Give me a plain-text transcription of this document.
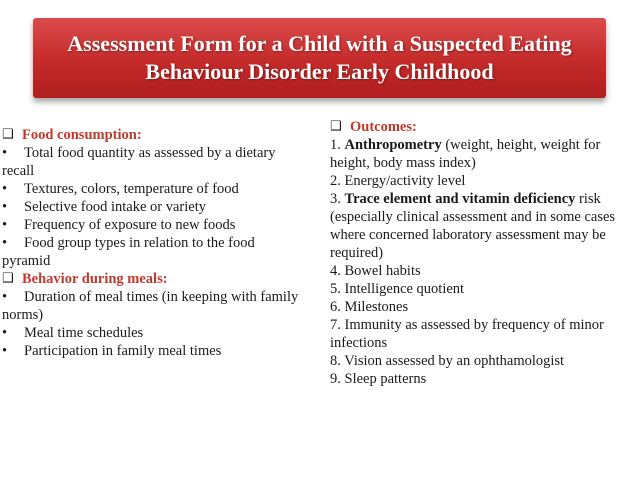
Assessment Form for a Child with a Suspected Eating Behaviour Disorder Early Childhood
❑ Food consumption:
• Total food quantity as assessed by a dietary recall
• Textures, colors, temperature of food
• Selective food intake or variety
• Frequency of exposure to new foods
• Food group types in relation to the food pyramid
❑ Behavior during meals:
• Duration of meal times (in keeping with family norms)
• Meal time schedules
• Participation in family meal times
❑ Outcomes:
1. Anthropometry (weight, height, weight for height, body mass index)
2. Energy/activity level
3. Trace element and vitamin deficiency risk (especially clinical assessment and in some cases where concerned laboratory assessment may be required)
4. Bowel habits
5. Intelligence quotient
6. Milestones
7. Immunity as assessed by frequency of minor infections
8. Vision assessed by an ophthamologist
9. Sleep patterns
